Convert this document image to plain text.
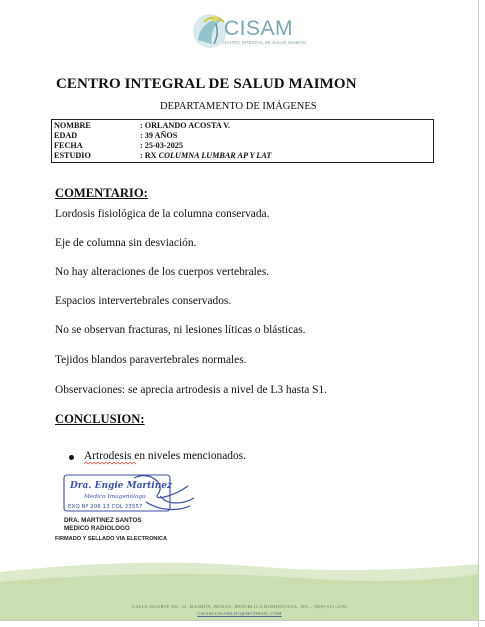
CISAM
CENTRO INTEGRAL DE SALUD MAIMON
CENTRO INTEGRAL DE SALUD MAIMON
DEPARTAMENTO DE IMÁGENES
NOMBRE	: ORLANDO ACOSTA V.
EDAD	: 39 AÑOS
FECHA	: 25-03-2025
ESTUDIO	: RX COLUMNA LUMBAR AP Y LAT
COMENTARIO:
Lordosis fisiológica de la columna conservada.
Eje de columna sin desviación.
No hay alteraciones de los cuerpos vertebrales.
Espacios intervertebrales conservados.
No se observan fracturas, ni lesiones líticas o blásticas.
Tejidos blandos paravertebrales normales.
Observaciones: se aprecia artrodesis a nivel de L3 hasta S1.
CONCLUSION:
Artrodesis en niveles mencionados.
Dra. Engie Martinez
Medico Imagenólogo
EXQ Nº 206 13 COL 23557
DRA. MARTINEZ SANTOS
MEDICO RADIOLOGO
FIRMADO Y SELLADO VIA ELECTRONICA
CALLE DUARTE NO. 33, MAIMÓN, BONAO, REPUBLICA DOMINICANA, TEL.: (809)-551-2190
CISAM.CISAMLDO@HOTMAIL.COM
